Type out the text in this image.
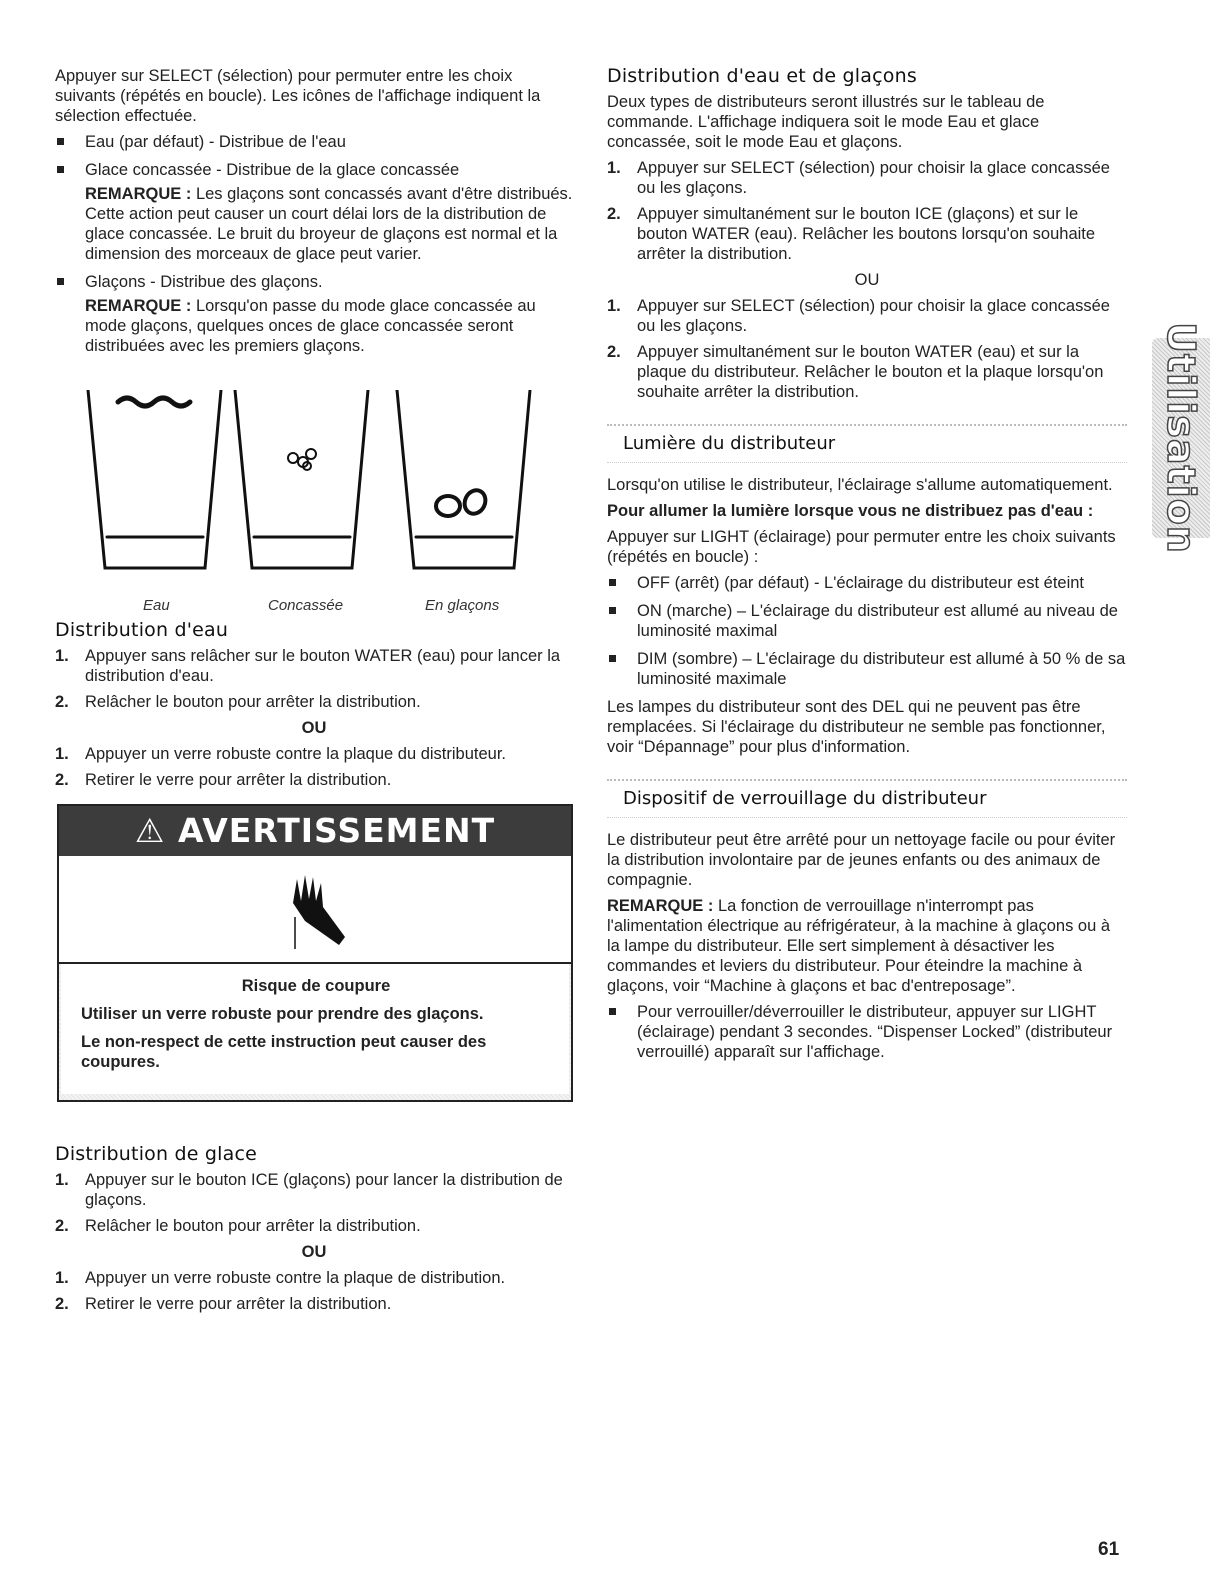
Appuyer sur SELECT (sélection) pour permuter entre les choix suivants (répétés en boucle). Les icônes de l'affichage indiquent la sélection effectuée.

Eau (par défaut) - Distribue de l'eau
Glace concassée - Distribue de la glace concassée

REMARQUE : Les glaçons sont concassés avant d'être distribués. Cette action peut causer un court délai lors de la distribution de glace concassée. Le bruit du broyeur de glaçons est normal et la dimension des morceaux de glace peut varier.

Glaçons - Distribue des glaçons.

REMARQUE : Lorsqu'on passe du mode glace concassée au mode glaçons, quelques onces de glace concassée seront distribuées avec les premiers glaçons.

Eau	Concassée	En glaçons
Distribution d'eau
1. Appuyer sans relâcher sur le bouton WATER (eau) pour lancer la distribution d'eau.
2. Relâcher le bouton pour arrêter la distribution.

OU

1. Appuyer un verre robuste contre la plaque du distributeur.
2. Retirer le verre pour arrêter la distribution.
⚠ AVERTISSEMENT
Risque de coupure
Utiliser un verre robuste pour prendre des glaçons.
Le non-respect de cette instruction peut causer des coupures.
Distribution de glace
1. Appuyer sur le bouton ICE (glaçons) pour lancer la distribution de glaçons.
2. Relâcher le bouton pour arrêter la distribution.

OU

1. Appuyer un verre robuste contre la plaque de distribution.
2. Retirer le verre pour arrêter la distribution.
Distribution d'eau et de glaçons

Deux types de distributeurs seront illustrés sur le tableau de commande. L'affichage indiquera soit le mode Eau et glace concassée, soit le mode Eau et glaçons.

1. Appuyer sur SELECT (sélection) pour choisir la glace concassée ou les glaçons.
2. Appuyer simultanément sur le bouton ICE (glaçons) et sur le bouton WATER (eau). Relâcher les boutons lorsqu'on souhaite arrêter la distribution.

OU

1. Appuyer sur SELECT (sélection) pour choisir la glace concassée ou les glaçons.
2. Appuyer simultanément sur le bouton WATER (eau) et sur la plaque du distributeur. Relâcher le bouton et la plaque lorsqu'on souhaite arrêter la distribution.
Lumière du distributeur

Lorsqu'on utilise le distributeur, l'éclairage s'allume automatiquement.

Pour allumer la lumière lorsque vous ne distribuez pas d'eau :

Appuyer sur LIGHT (éclairage) pour permuter entre les choix suivants (répétés en boucle) :

OFF (arrêt) (par défaut) - L'éclairage du distributeur est éteint
ON (marche) – L'éclairage du distributeur est allumé au niveau de luminosité maximal
DIM (sombre) – L'éclairage du distributeur est allumé à 50 % de sa luminosité maximale

Les lampes du distributeur sont des DEL qui ne peuvent pas être remplacées. Si l'éclairage du distributeur ne semble pas fonctionner, voir “Dépannage” pour plus d'information.

Dispositif de verrouillage du distributeur

Le distributeur peut être arrêté pour un nettoyage facile ou pour éviter la distribution involontaire par de jeunes enfants ou des animaux de compagnie.

REMARQUE : La fonction de verrouillage n'interrompt pas l'alimentation électrique au réfrigérateur, à la machine à glaçons ou à la lampe du distributeur. Elle sert simplement à désactiver les commandes et leviers du distributeur. Pour éteindre la machine à glaçons, voir “Machine à glaçons et bac d'entreposage”.

Pour verrouiller/déverrouiller le distributeur, appuyer sur LIGHT (éclairage) pendant 3 secondes. “Dispenser Locked” (distributeur verrouillé) apparaît sur l'affichage.
Utilisation
61
